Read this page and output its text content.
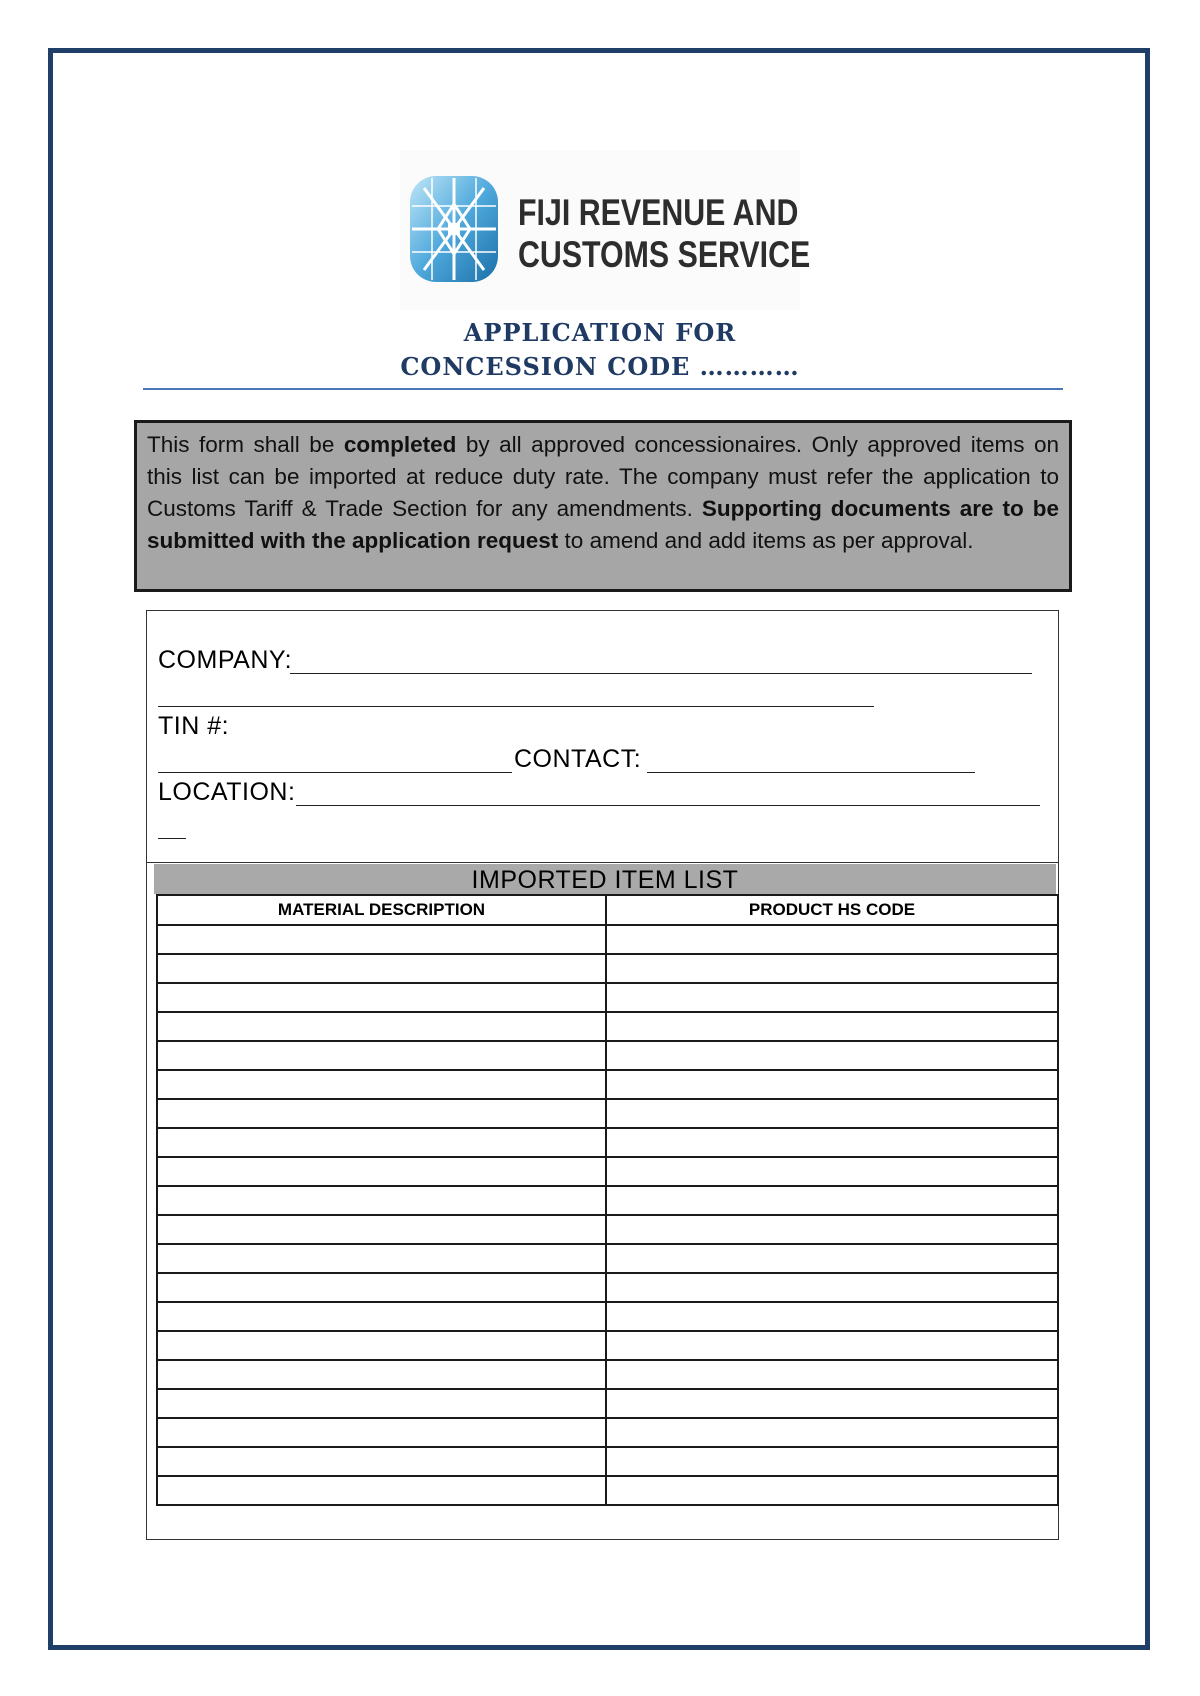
FIJI REVENUE AND
CUSTOMS SERVICE
APPLICATION FOR
CONCESSION CODE …………
This form shall be completed by all approved concessionaires. Only approved items on this list can be imported at reduce duty rate. The company must refer the application to Customs Tariff & Trade Section for any amendments. Supporting documents are to be submitted with the application request to amend and add items as per approval.
COMPANY:
TIN #:
CONTACT:
LOCATION:
IMPORTED ITEM LIST
MATERIAL DESCRIPTION	PRODUCT HS CODE
